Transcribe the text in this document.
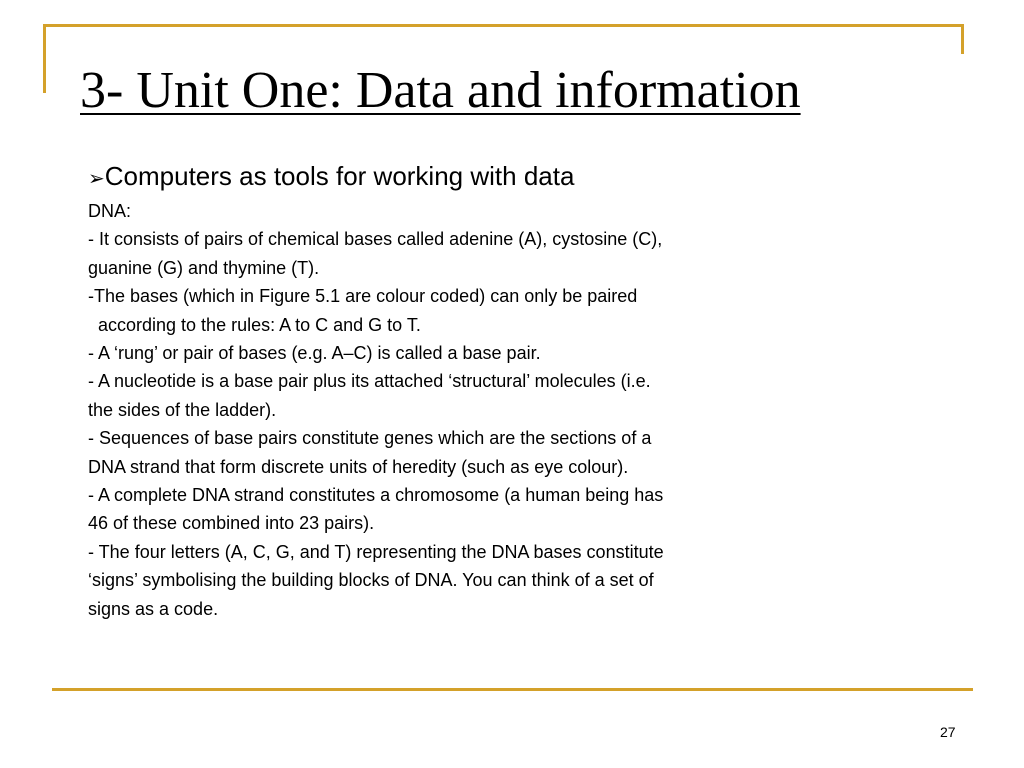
3- Unit One: Data and information
➢Computers as tools for working with data
DNA:
- It consists of pairs of chemical bases called adenine (A), cystosine (C),
guanine (G) and thymine (T).
-The bases (which in Figure 5.1 are colour coded) can only be paired
according to the rules: A to C and G to T.
- A ‘rung’ or pair of bases (e.g. A–C) is called a base pair.
- A nucleotide is a base pair plus its attached ‘structural’ molecules (i.e.
the sides of the ladder).
- Sequences of base pairs constitute genes which are the sections of a
DNA strand that form discrete units of heredity (such as eye colour).
- A complete DNA strand constitutes a chromosome (a human being has
46 of these combined into 23 pairs).
- The four letters (A, C, G, and T) representing the DNA bases constitute
‘signs’ symbolising the building blocks of DNA. You can think of a set of
signs as a code.
27
